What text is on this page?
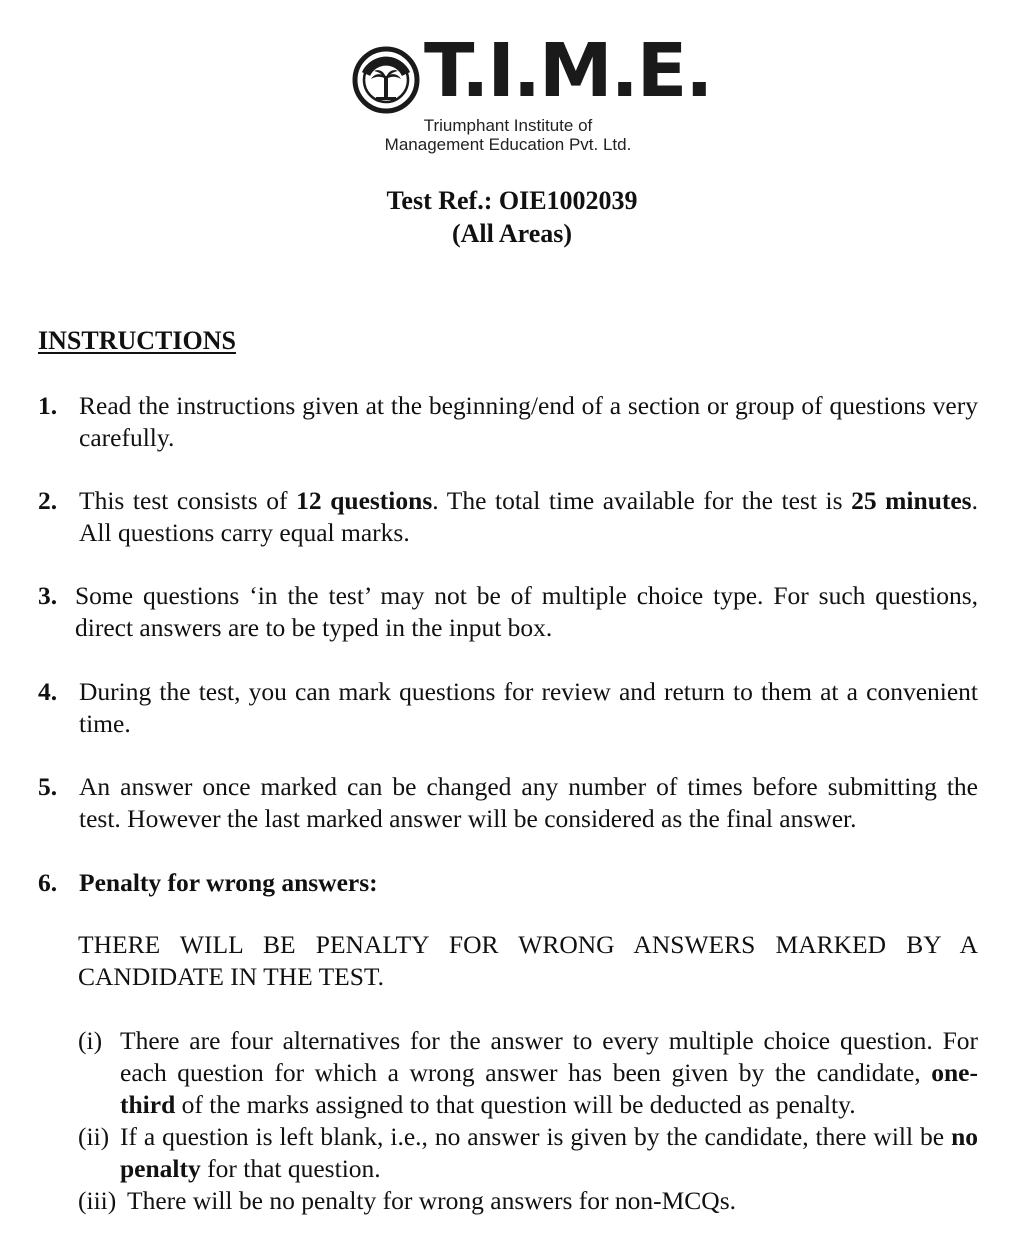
T.I.M.E.
Triumphant Institute of
Management Education Pvt. Ltd.
Test Ref.: OIE1002039
(All Areas)
INSTRUCTIONS
1. Read the instructions given at the beginning/end of a section or group of questions very carefully.
2. This test consists of 12 questions. The total time available for the test is 25 minutes. All questions carry equal marks.
3. Some questions ‘in the test’ may not be of multiple choice type. For such questions, direct answers are to be typed in the input box.
4. During the test, you can mark questions for review and return to them at a convenient time.
5. An answer once marked can be changed any number of times before submitting the test. However the last marked answer will be considered as the final answer.
6. Penalty for wrong answers:
THERE WILL BE PENALTY FOR WRONG ANSWERS MARKED BY A CANDIDATE IN THE TEST.
(i) There are four alternatives for the answer to every multiple choice question. For each question for which a wrong answer has been given by the candidate, one-third of the marks assigned to that question will be deducted as penalty.
(ii) If a question is left blank, i.e., no answer is given by the candidate, there will be no penalty for that question.
(iii) There will be no penalty for wrong answers for non-MCQs.
